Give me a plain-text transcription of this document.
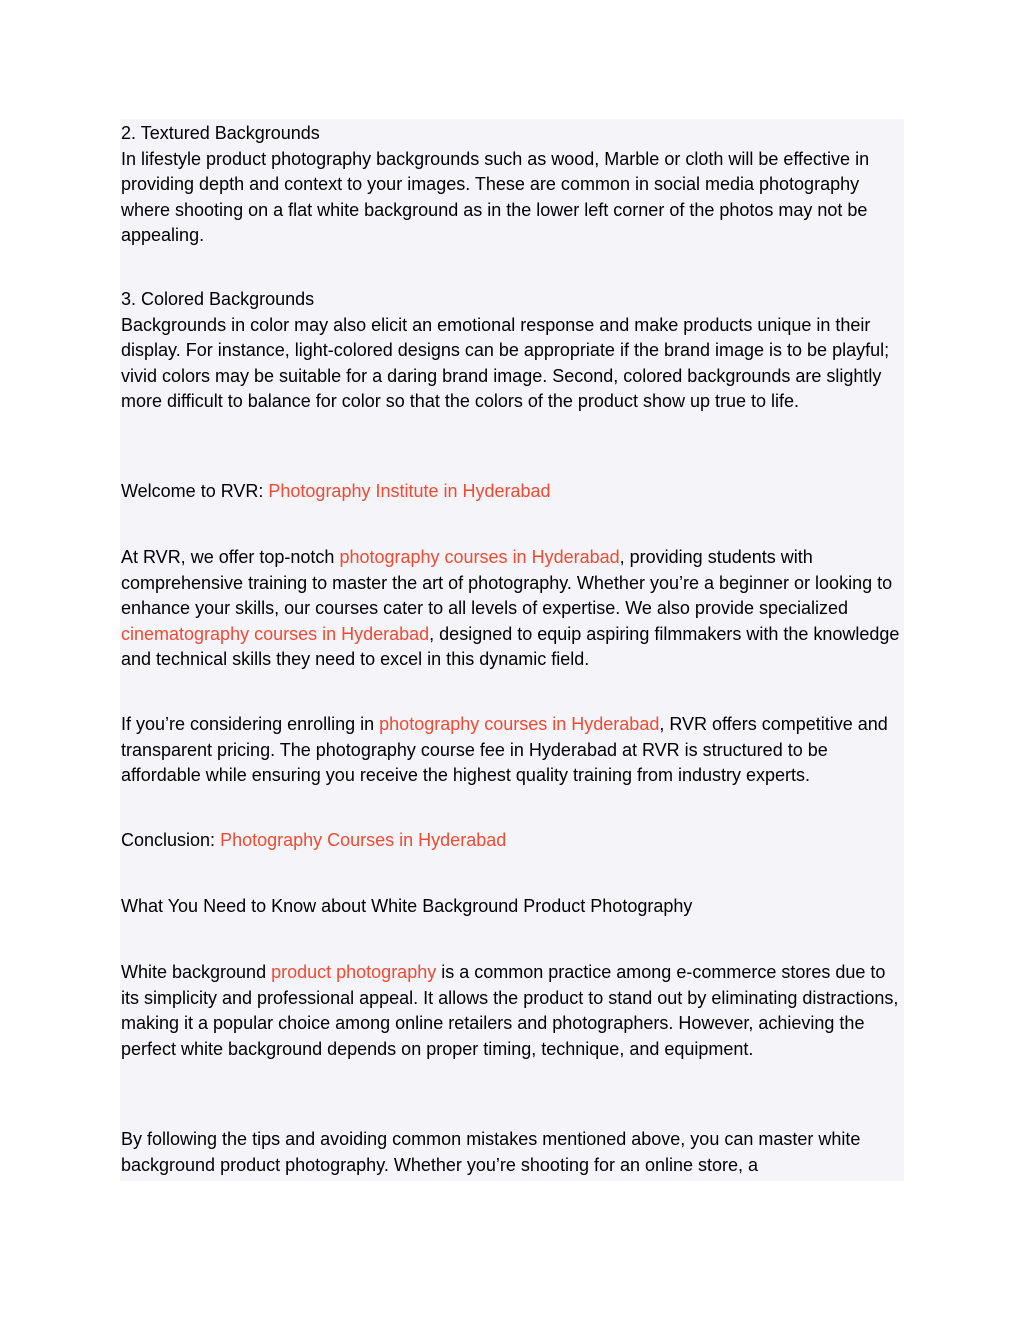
2. Textured Backgrounds
In lifestyle product photography backgrounds such as wood, Marble or cloth will be effective in providing depth and context to your images. These are common in social media photography where shooting on a flat white background as in the lower left corner of the photos may not be appealing.

3. Colored Backgrounds
Backgrounds in color may also elicit an emotional response and make products unique in their display. For instance, light-colored designs can be appropriate if the brand image is to be playful; vivid colors may be suitable for a daring brand image. Second, colored backgrounds are slightly more difficult to balance for color so that the colors of the product show up true to life.

Welcome to RVR: Photography Institute in Hyderabad

At RVR, we offer top-notch photography courses in Hyderabad, providing students with comprehensive training to master the art of photography. Whether you’re a beginner or looking to enhance your skills, our courses cater to all levels of expertise. We also provide specialized cinematography courses in Hyderabad, designed to equip aspiring filmmakers with the knowledge and technical skills they need to excel in this dynamic field.

If you’re considering enrolling in photography courses in Hyderabad, RVR offers competitive and transparent pricing. The photography course fee in Hyderabad at RVR is structured to be affordable while ensuring you receive the highest quality training from industry experts.

Conclusion: Photography Courses in Hyderabad

What You Need to Know about White Background Product Photography

White background product photography is a common practice among e-commerce stores due to its simplicity and professional appeal. It allows the product to stand out by eliminating distractions, making it a popular choice among online retailers and photographers. However, achieving the perfect white background depends on proper timing, technique, and equipment.

By following the tips and avoiding common mistakes mentioned above, you can master white background product photography. Whether you’re shooting for an online store, a
